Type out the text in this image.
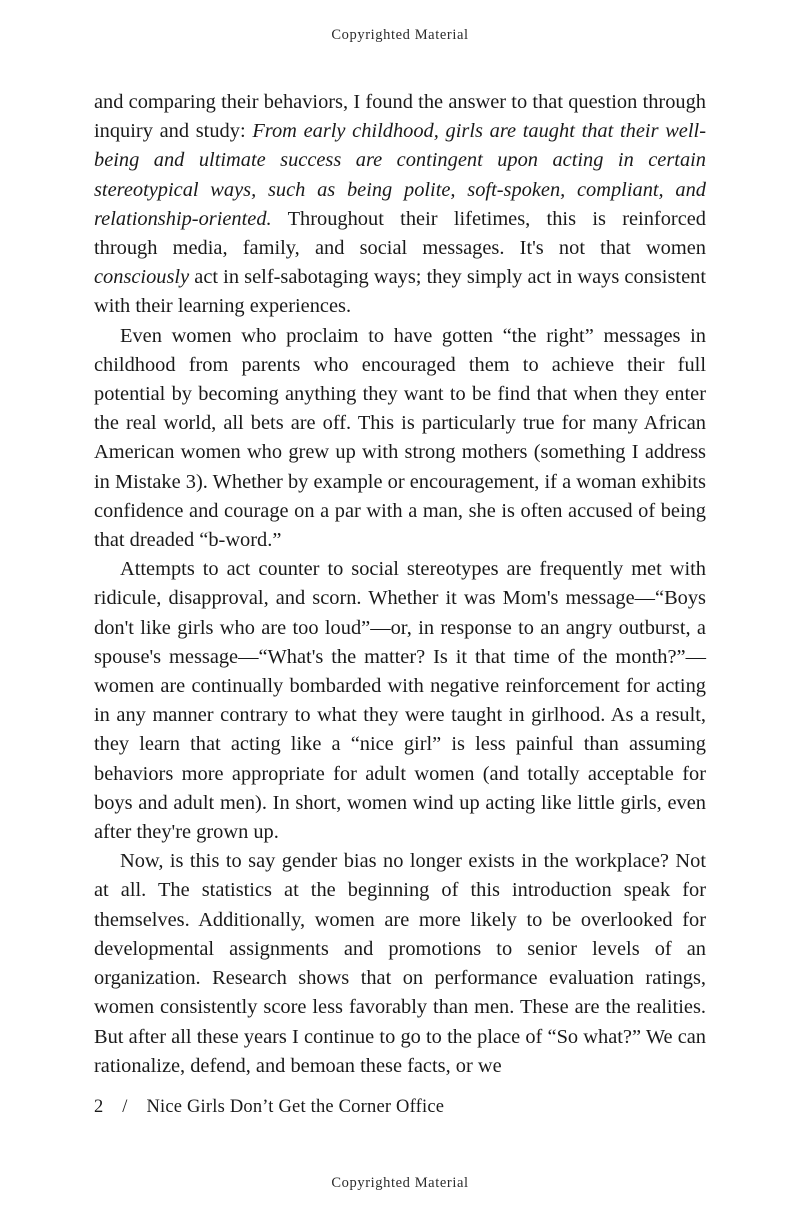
Copyrighted Material

and comparing their behaviors, I found the answer to that question through inquiry and study: From early childhood, girls are taught that their well-being and ultimate success are contingent upon acting in certain stereotypical ways, such as being polite, soft-spoken, compliant, and relationship-oriented. Throughout their lifetimes, this is reinforced through media, family, and social messages. It's not that women consciously act in self-sabotaging ways; they simply act in ways consistent with their learning experiences.

Even women who proclaim to have gotten “the right” messages in childhood from parents who encouraged them to achieve their full potential by becoming anything they want to be find that when they enter the real world, all bets are off. This is particularly true for many African American women who grew up with strong mothers (something I address in Mistake 3). Whether by example or encouragement, if a woman exhibits confidence and courage on a par with a man, she is often accused of being that dreaded “b-word.”

Attempts to act counter to social stereotypes are frequently met with ridicule, disapproval, and scorn. Whether it was Mom's message—“Boys don't like girls who are too loud”—or, in response to an angry outburst, a spouse's message—“What's the matter? Is it that time of the month?”—women are continually bombarded with negative reinforcement for acting in any manner contrary to what they were taught in girlhood. As a result, they learn that acting like a “nice girl” is less painful than assuming behaviors more appropriate for adult women (and totally acceptable for boys and adult men). In short, women wind up acting like little girls, even after they're grown up.

Now, is this to say gender bias no longer exists in the workplace? Not at all. The statistics at the beginning of this introduction speak for themselves. Additionally, women are more likely to be overlooked for developmental assignments and promotions to senior levels of an organization. Research shows that on performance evaluation ratings, women consistently score less favorably than men. These are the realities. But after all these years I continue to go to the place of “So what?” We can rationalize, defend, and bemoan these facts, or we

2 / Nice Girls Don’t Get the Corner Office
Copyrighted Material
